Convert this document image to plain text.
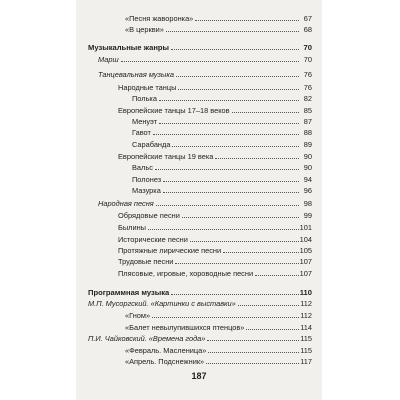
«Песня жаворонка»	67
«В церкви»	68
Музыкальные жанры	70
Марш	70
Танцевальная музыка	76
Народные танцы	76
Полька	82
Европейские танцы 17–18 веков	85
Менуэт	87
Гавот	88
Сарабанда	89
Европейские танцы 19 века	90
Вальс	90
Полонез	94
Мазурка	96
Народная песня	98
Обрядовые песни	99
Былины	101
Исторические песни	104
Протяжные лирические песни	105
Трудовые песни	107
Плясовые, игровые, хороводные песни	107
Программная музыка	110
М.П. Мусоргский. «Картинки с выставки»	112
«Гном»	112
«Балет невылупившихся птенцов»	114
П.И. Чайковский. «Времена года»	115
«Февраль. Масленица»	115
«Апрель. Подснежник»	117
187
